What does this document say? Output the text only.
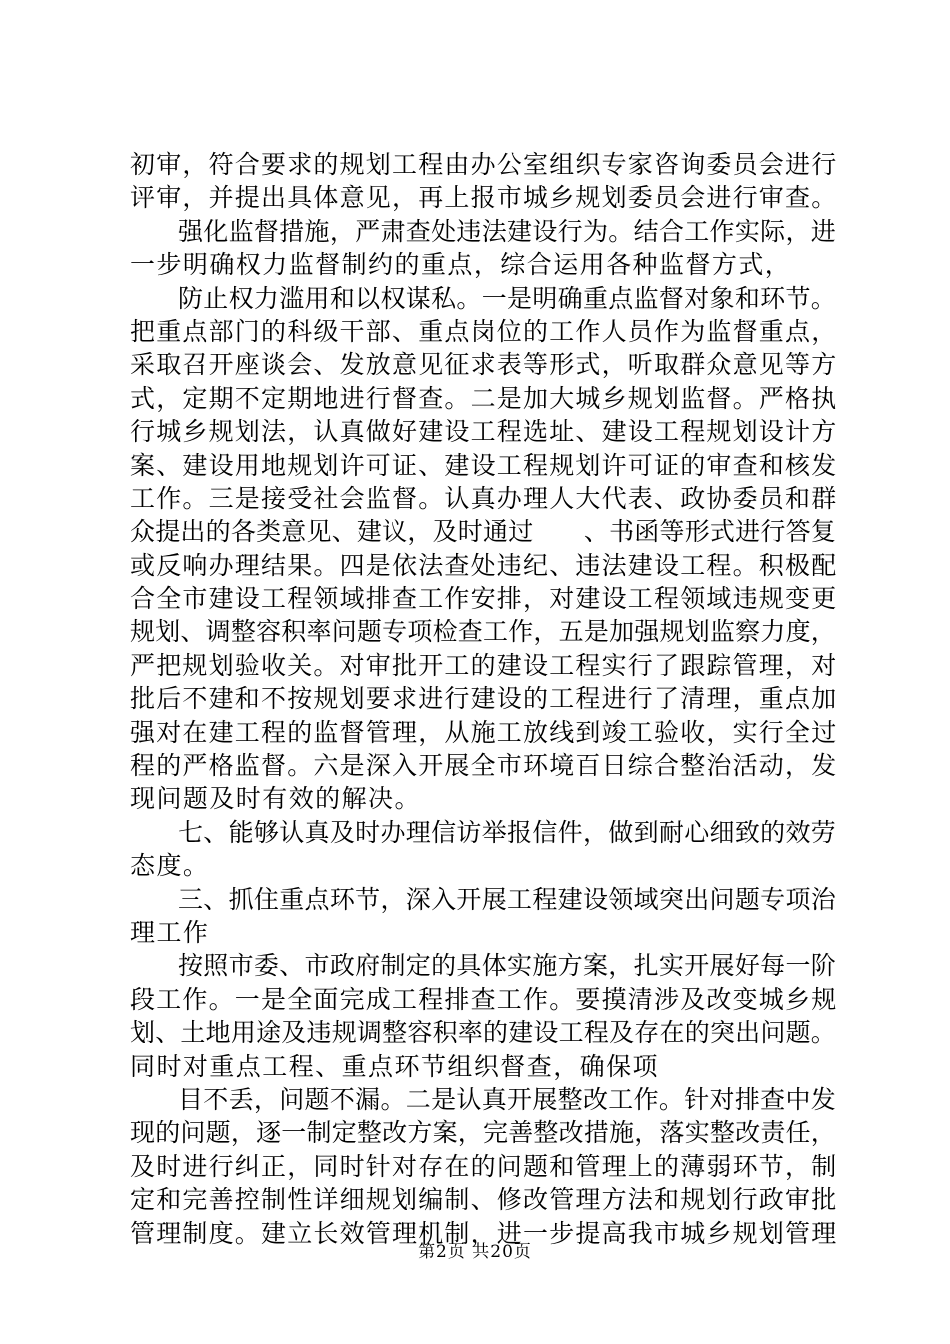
初审，符合要求的规划工程由办公室组织专家咨询委员会进行
评审，并提出具体意见，再上报市城乡规划委员会进行审查。
强化监督措施，严肃查处违法建设行为。结合工作实际，进
一步明确权力监督制约的重点，综合运用各种监督方式，
防止权力滥用和以权谋私。一是明确重点监督对象和环节。
把重点部门的科级干部、重点岗位的工作人员作为监督重点，
采取召开座谈会、发放意见征求表等形式，听取群众意见等方
式，定期不定期地进行督查。二是加大城乡规划监督。严格执
行城乡规划法，认真做好建设工程选址、建设工程规划设计方
案、建设用地规划许可证、建设工程规划许可证的审查和核发
工作。三是接受社会监督。认真办理人大代表、政协委员和群
众提出的各类意见、建议，及时通过　　、书函等形式进行答复
或反响办理结果。四是依法查处违纪、违法建设工程。积极配
合全市建设工程领域排查工作安排，对建设工程领域违规变更
规划、调整容积率问题专项检查工作，五是加强规划监察力度，
严把规划验收关。对审批开工的建设工程实行了跟踪管理，对
批后不建和不按规划要求进行建设的工程进行了清理，重点加
强对在建工程的监督管理，从施工放线到竣工验收，实行全过
程的严格监督。六是深入开展全市环境百日综合整治活动，发
现问题及时有效的解决。
七、能够认真及时办理信访举报信件，做到耐心细致的效劳
态度。
三、抓住重点环节，深入开展工程建设领域突出问题专项治
理工作
按照市委、市政府制定的具体实施方案，扎实开展好每一阶
段工作。一是全面完成工程排查工作。要摸清涉及改变城乡规
划、土地用途及违规调整容积率的建设工程及存在的突出问题。
同时对重点工程、重点环节组织督查，确保项
目不丢，问题不漏。二是认真开展整改工作。针对排查中发
现的问题，逐一制定整改方案，完善整改措施，落实整改责任，
及时进行纠正，同时针对存在的问题和管理上的薄弱环节，制
定和完善控制性详细规划编制、修改管理方法和规划行政审批
管理制度。建立长效管理机制，进一步提高我市城乡规划管理
第2页 共20页
